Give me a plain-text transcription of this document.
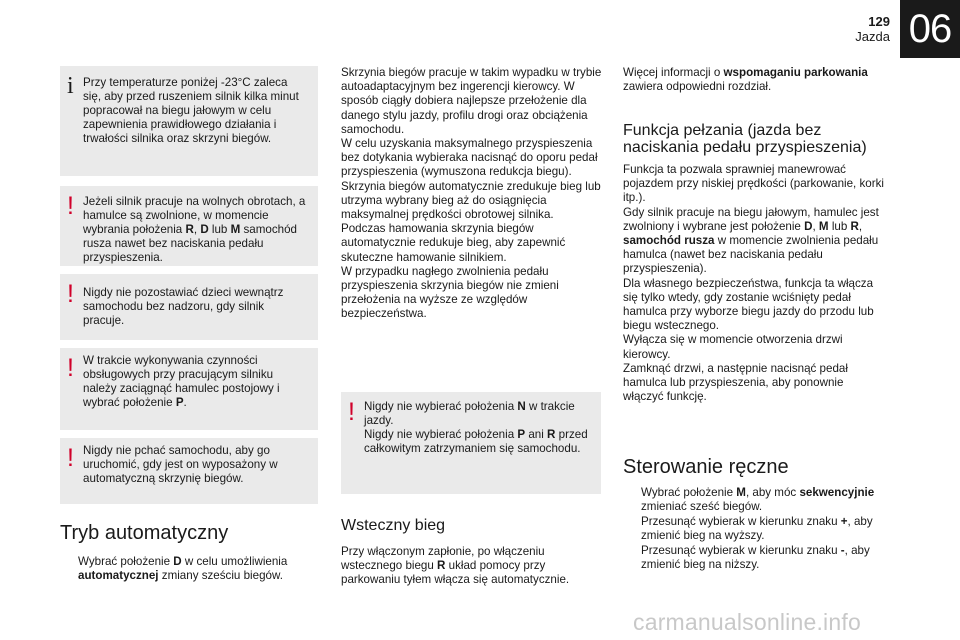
129
Jazda 06
i Przy temperaturze poniżej -23°C zaleca się, aby przed ruszeniem silnik kilka minut popracował na biegu jałowym w celu zapewnienia prawidłowego działania i trwałości silnika oraz skrzyni biegów.
! Jeżeli silnik pracuje na wolnych obrotach, a hamulce są zwolnione, w momencie wybrania położenia R, D lub M samochód rusza nawet bez naciskania pedału przyspieszenia.
! Nigdy nie pozostawiać dzieci wewnątrz samochodu bez nadzoru, gdy silnik pracuje.
! W trakcie wykonywania czynności obsługowych przy pracującym silniku należy zaciągnąć hamulec postojowy i wybrać położenie P.
! Nigdy nie pchać samochodu, aby go uruchomić, gdy jest on wyposażony w automatyczną skrzynię biegów.
Tryb automatyczny
Wybrać położenie D w celu umożliwienia automatycznej zmiany sześciu biegów.
Skrzynia biegów pracuje w takim wypadku w trybie autoadaptacyjnym bez ingerencji kierowcy. W sposób ciągły dobiera najlepsze przełożenie dla danego stylu jazdy, profilu drogi oraz obciążenia samochodu.
W celu uzyskania maksymalnego przyspieszenia bez dotykania wybieraka nacisnąć do oporu pedał przyspieszenia (wymuszona redukcja biegu). Skrzynia biegów automatycznie zredukuje bieg lub utrzyma wybrany bieg aż do osiągnięcia maksymalnej prędkości obrotowej silnika.
Podczas hamowania skrzynia biegów automatycznie redukuje bieg, aby zapewnić skuteczne hamowanie silnikiem.
W przypadku nagłego zwolnienia pedału przyspieszenia skrzynia biegów nie zmieni przełożenia na wyższe ze względów bezpieczeństwa.
! Nigdy nie wybierać położenia N w trakcie jazdy.
Nigdy nie wybierać położenia P ani R przed całkowitym zatrzymaniem się samochodu.
Wsteczny bieg
Przy włączonym zapłonie, po włączeniu wstecznego biegu R układ pomocy przy parkowaniu tyłem włącza się automatycznie.
Więcej informacji o wspomaganiu parkowania zawiera odpowiedni rozdział.
Funkcja pełzania (jazda bez naciskania pedału przyspieszenia)
Funkcja ta pozwala sprawniej manewrować pojazdem przy niskiej prędkości (parkowanie, korki itp.).
Gdy silnik pracuje na biegu jałowym, hamulec jest zwolniony i wybrane jest położenie D, M lub R, samochód rusza w momencie zwolnienia pedału hamulca (nawet bez naciskania pedału przyspieszenia).
Dla własnego bezpieczeństwa, funkcja ta włącza się tylko wtedy, gdy zostanie wciśnięty pedał hamulca przy wyborze biegu jazdy do przodu lub biegu wstecznego.
Wyłącza się w momencie otworzenia drzwi kierowcy.
Zamknąć drzwi, a następnie nacisnąć pedał hamulca lub przyspieszenia, aby ponownie włączyć funkcję.
Sterowanie ręczne
Wybrać położenie M, aby móc sekwencyjnie zmieniać sześć biegów.
Przesunąć wybierak w kierunku znaku +, aby zmienić bieg na wyższy.
Przesunąć wybierak w kierunku znaku -, aby zmienić bieg na niższy.
carmanualsonline.info
